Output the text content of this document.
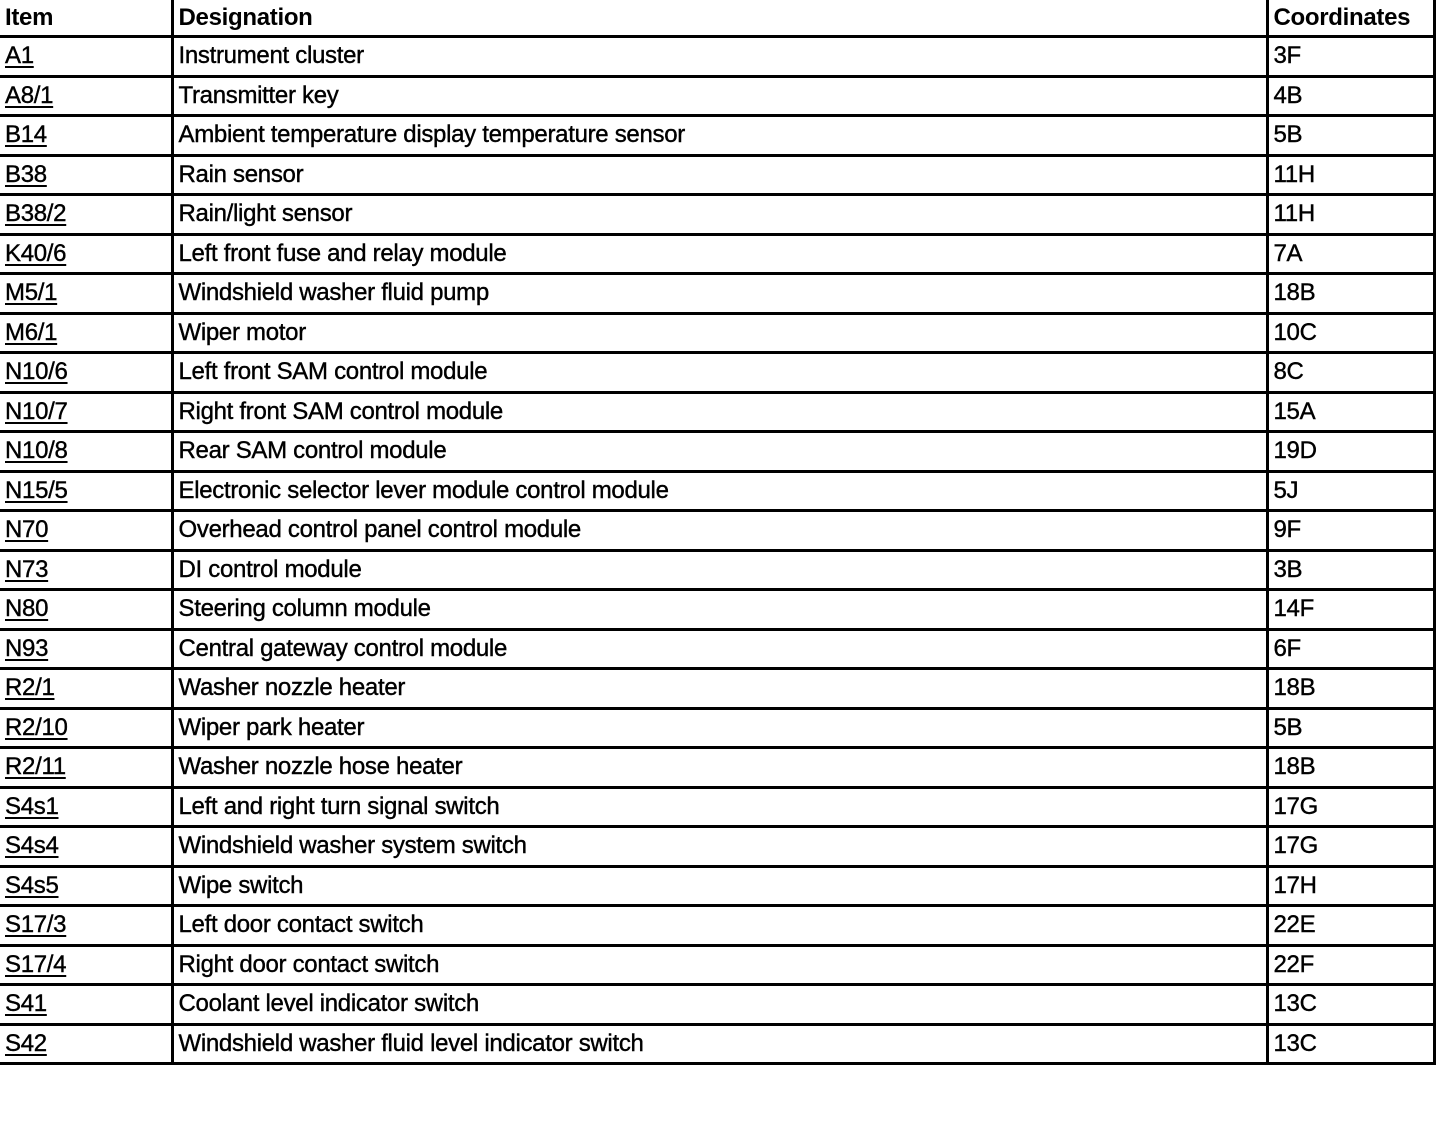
Item	Designation	Coordinates
A1	Instrument cluster	3F
A8/1	Transmitter key	4B
B14	Ambient temperature display temperature sensor	5B
B38	Rain sensor	11H
B38/2	Rain/light sensor	11H
K40/6	Left front fuse and relay module	7A
M5/1	Windshield washer fluid pump	18B
M6/1	Wiper motor	10C
N10/6	Left front SAM control module	8C
N10/7	Right front SAM control module	15A
N10/8	Rear SAM control module	19D
N15/5	Electronic selector lever module control module	5J
N70	Overhead control panel control module	9F
N73	DI control module	3B
N80	Steering column module	14F
N93	Central gateway control module	6F
R2/1	Washer nozzle heater	18B
R2/10	Wiper park heater	5B
R2/11	Washer nozzle hose heater	18B
S4s1	Left and right turn signal switch	17G
S4s4	Windshield washer system switch	17G
S4s5	Wipe switch	17H
S17/3	Left door contact switch	22E
S17/4	Right door contact switch	22F
S41	Coolant level indicator switch	13C
S42	Windshield washer fluid level indicator switch	13C
